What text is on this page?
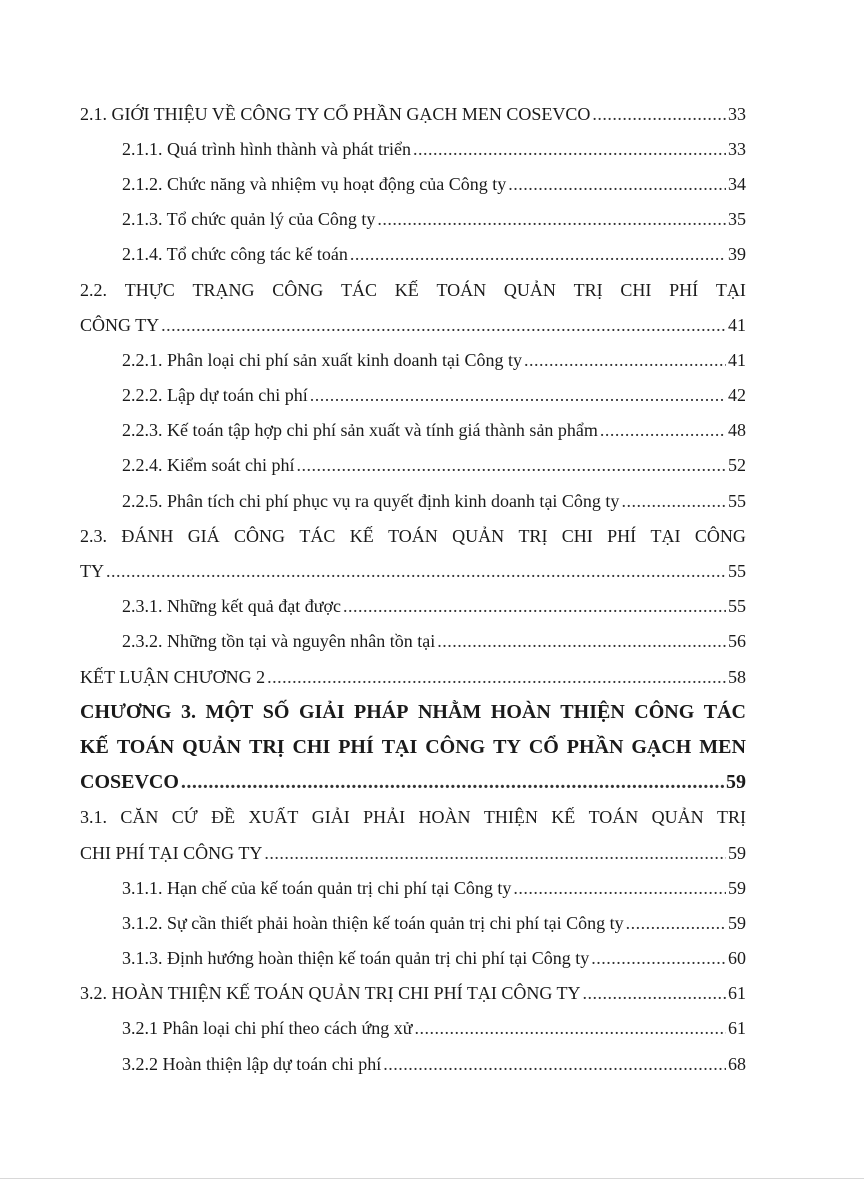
2.1. GIỚI THIỆU VỀ CÔNG TY CỔ PHẦN GẠCH MEN COSEVCO .....	33
2.1.1. Quá trình hình thành và phát triển .....	33
2.1.2. Chức năng và nhiệm vụ hoạt động của Công ty .....	34
2.1.3. Tổ chức quản lý của Công ty .....	35
2.1.4. Tổ chức công tác kế toán .....	39
2.2. THỰC TRẠNG CÔNG TÁC KẾ TOÁN QUẢN TRỊ CHI PHÍ TẠI
CÔNG TY .....	41
2.2.1. Phân loại chi phí sản xuất kinh doanh tại Công ty .....	41
2.2.2. Lập dự toán chi phí .....	42
2.2.3. Kế toán tập hợp chi phí sản xuất và tính giá thành sản phẩm .....	48
2.2.4. Kiểm soát chi phí .....	52
2.2.5. Phân tích chi phí phục vụ ra quyết định kinh doanh tại Công ty .....	55
2.3. ĐÁNH GIÁ CÔNG TÁC KẾ TOÁN QUẢN TRỊ CHI PHÍ TẠI CÔNG
TY .....	55
2.3.1. Những kết quả đạt được .....	55
2.3.2. Những tồn tại và nguyên nhân tồn tại .....	56
KẾT LUẬN CHƯƠNG 2 .....	58
CHƯƠNG 3. MỘT SỐ GIẢI PHÁP NHẰM HOÀN THIỆN CÔNG TÁC
KẾ TOÁN QUẢN TRỊ CHI PHÍ TẠI CÔNG TY CỔ PHẦN GẠCH MEN
COSEVCO .....	59
3.1. CĂN CỨ ĐỀ XUẤT GIẢI PHẢI HOÀN THIỆN KẾ TOÁN QUẢN TRỊ
CHI PHÍ TẠI CÔNG TY .....	59
3.1.1. Hạn chế của kế toán quản trị chi phí tại Công ty .....	59
3.1.2. Sự cần thiết phải hoàn thiện kế toán quản trị chi phí tại Công ty .....	59
3.1.3. Định hướng hoàn thiện kế toán quản trị chi phí tại Công ty .....	60
3.2. HOÀN THIỆN KẾ TOÁN QUẢN TRỊ CHI PHÍ TẠI CÔNG TY .....	61
3.2.1 Phân loại chi phí theo cách ứng xử .....	61
3.2.2 Hoàn thiện lập dự toán chi phí .....	68
